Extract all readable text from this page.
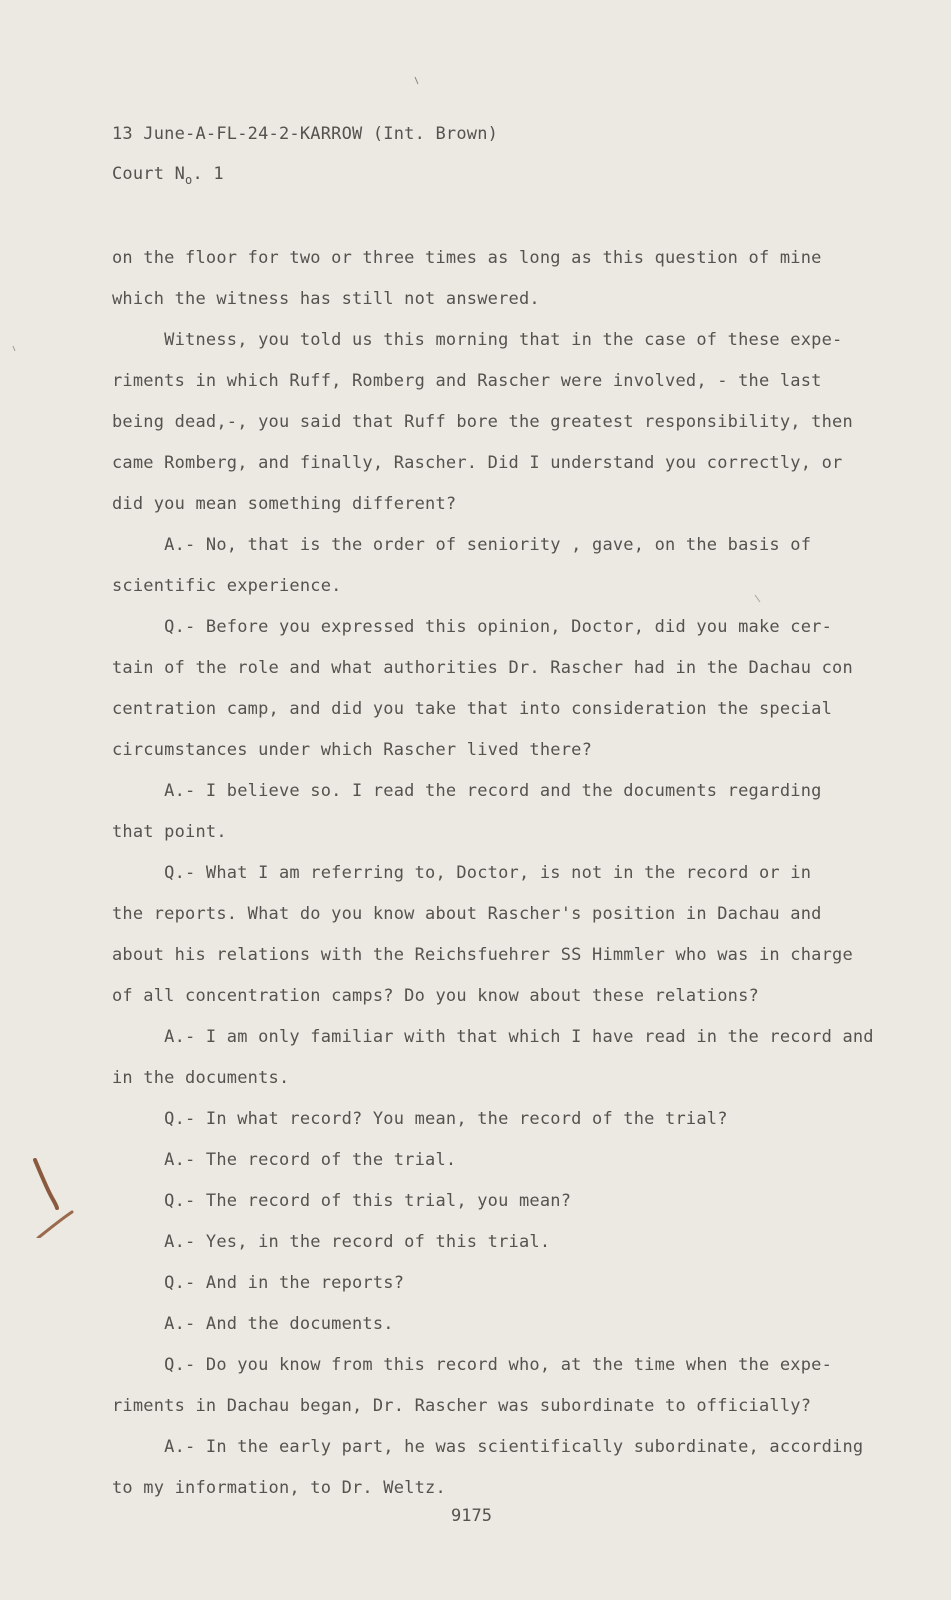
13 June-A-FL-24-2-KARROW (Int. Brown)
Court $N_o$. 1
on the floor for two or three times as long as this question of mine
which the witness has still not answered.
Witness, you told us this morning that in the case of these expe-
riments in which Ruff, Romberg and Rascher were involved, - the last
being dead,-, you said that Ruff bore the greatest responsibility, then
came Romberg, and finally, Rascher. Did I understand you correctly, or
did you mean something different?
A.- No, that is the order of seniority , gave, on the basis of
scientific experience.
Q.- Before you expressed this opinion, Doctor, did you make cer-
tain of the role and what authorities Dr. Rascher had in the Dachau con
centration camp, and did you take that into consideration the special
circumstances under which Rascher lived there?
A.- I believe so. I read the record and the documents regarding
that point.
Q.- What I am referring to, Doctor, is not in the record or in
the reports. What do you know about Rascher's position in Dachau and
about his relations with the Reichsfuehrer SS Himmler who was in charge
of all concentration camps? Do you know about these relations?
A.- I am only familiar with that which I have read in the record and
in the documents.
Q.- In what record? You mean, the record of the trial?
A.- The record of the trial.
Q.- The record of this trial, you mean?
A.- Yes, in the record of this trial.
Q.- And in the reports?
A.- And the documents.
Q.- Do you know from this record who, at the time when the expe-
riments in Dachau began, Dr. Rascher was subordinate to officially?
A.- In the early part, he was scientifically subordinate, according
to my information, to Dr. Weltz.
9175
